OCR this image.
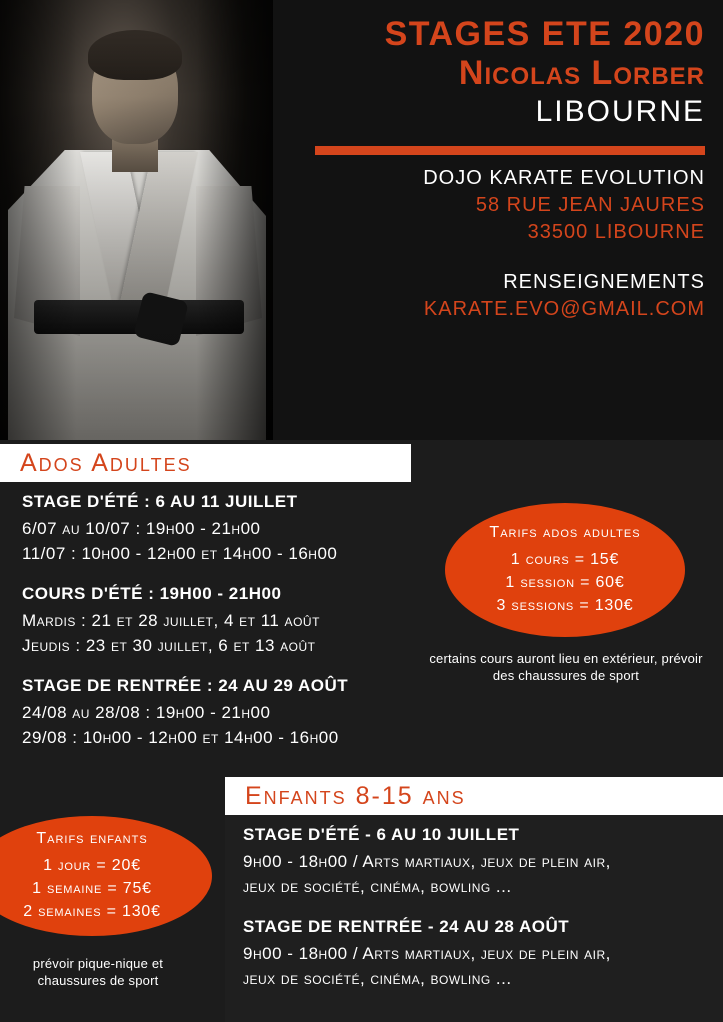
STAGES ETE 2020
Nicolas Lorber
LIBOURNE
DOJO KARATE EVOLUTION
58 RUE JEAN JAURES
33500 LIBOURNE
RENSEIGNEMENTS
KARATE.EVO@GMAIL.COM
Ados Adultes
STAGE D'ÉTÉ : 6 AU 11 JUILLET
6/07 au 10/07 : 19h00 - 21h00
11/07 : 10h00 - 12h00 et 14h00 - 16h00
COURS D'ÉTÉ : 19H00 - 21H00
Mardis : 21 et 28 juillet, 4 et 11 août
Jeudis : 23 et 30 juillet, 6 et 13 août
STAGE DE RENTRÉE : 24 AU 29 AOÛT
24/08 au 28/08 : 19h00 - 21h00
29/08 : 10h00 - 12h00 et 14h00 - 16h00
Tarifs ados adultes
1 cours = 15€
1 session = 60€
3 sessions = 130€
certains cours auront lieu en extérieur, prévoir des chaussures de sport
Enfants 8-15 ans
STAGE D'ÉTÉ - 6 AU 10 JUILLET
9h00 - 18h00 / Arts martiaux, jeux de plein air,
jeux de société, cinéma, bowling ...
STAGE DE RENTRÉE - 24 AU 28 AOÛT
9h00 - 18h00 / Arts martiaux, jeux de plein air,
jeux de société, cinéma, bowling ...
Tarifs enfants
1 jour = 20€
1 semaine = 75€
2 semaines = 130€
prévoir pique-nique et chaussures de sport
